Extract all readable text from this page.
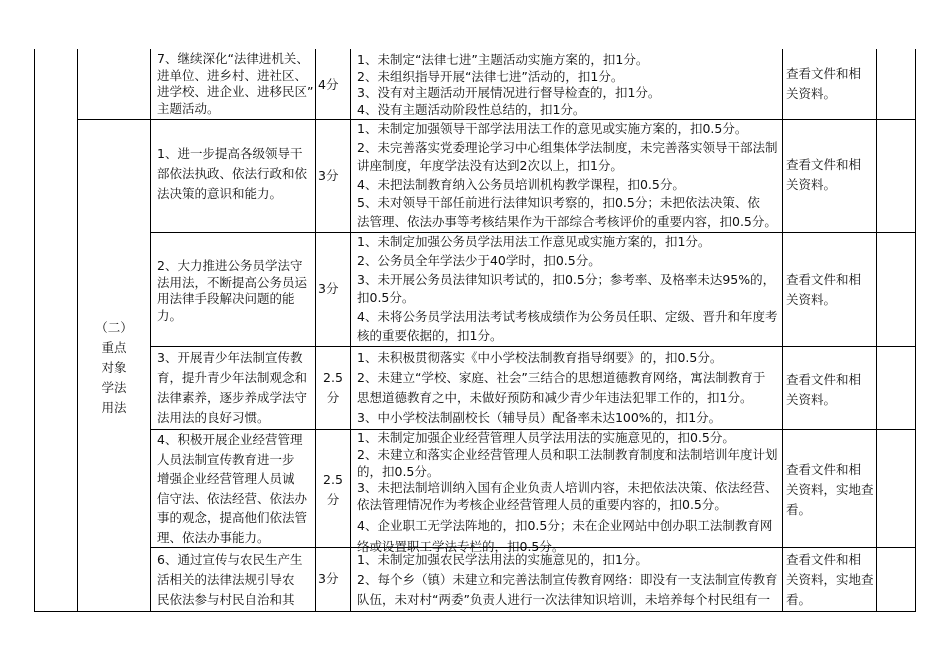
（二）
重点
对象
学法
用法
7、继续深化“法律进机关、
进单位、进乡村、进社区、
进学校、进企业、进移民区”
主题活动。
4分
1、未制定“法律七进”主题活动实施方案的，扣1分。
2、未组织指导开展“法律七进”活动的，扣1分。
3、没有对主题活动开展情况进行督导检查的，扣1分。
4、没有主题活动阶段性总结的，扣1分。
查看文件和相
关资料。
1、进一步提高各级领导干
部依法执政、依法行政和依
法决策的意识和能力。
3分
1、未制定加强领导干部学法用法工作的意见或实施方案的，扣0.5分。
2、未完善落实党委理论学习中心组集体学法制度，未完善落实领导干部法制
讲座制度，年度学法没有达到2次以上，扣1分。
4、未把法制教育纳入公务员培训机构教学课程，扣0.5分。
5、未对领导干部任前进行法律知识考察的，扣0.5分；未把依法决策、依
法管理、依法办事等考核结果作为干部综合考核评价的重要内容，扣0.5分。
查看文件和相
关资料。
2、大力推进公务员学法守
法用法，不断提高公务员运
用法律手段解决问题的能
力。
3分
1、未制定加强公务员学法用法工作意见或实施方案的，扣1分。
2、公务员全年学法少于40学时，扣0.5分。
3、未开展公务员法律知识考试的，扣0.5分；参考率、及格率未达95%的，
扣0.5分。
4、未将公务员学法用法考试考核成绩作为公务员任职、定级、晋升和年度考
核的重要依据的，扣1分。
查看文件和相
关资料。
3、开展青少年法制宣传教
育，提升青少年法制观念和
法律素养，逐步养成学法守
法用法的良好习惯。
2.5
分
1、未积极贯彻落实《中小学校法制教育指导纲要》的，扣0.5分。
2、未建立“学校、家庭、社会”三结合的思想道德教育网络，寓法制教育于
思想道德教育之中，未做好预防和减少青少年违法犯罪工作的，扣1分。
3、中小学校法制副校长（辅导员）配备率未达100%的，扣1分。
查看文件和相
关资料。
4、积极开展企业经营管理
人员法制宣传教育进一步
增强企业经营管理人员诚
信守法、依法经营、依法办
事的观念，提高他们依法管
理、依法办事能力。
2.5
分
1、未制定加强企业经营管理人员学法用法的实施意见的，扣0.5分。
2、未建立和落实企业经营管理人员和职工法制教育制度和法制培训年度计划
的，扣0.5分。
3、未把法制培训纳入国有企业负责人培训内容，未把依法决策、依法经营、
依法管理情况作为考核企业经营管理人员的重要内容的，扣0.5分。
4、企业职工无学法阵地的，扣0.5分；未在企业网站中创办职工法制教育网
络或设置职工学法专栏的，扣0.5分。
查看文件和相
关资料，实地查
看。
6、通过宣传与农民生产生
活相关的法律法规引导农
民依法参与村民自治和其
3分
1、未制定加强农民学法用法的实施意见的，扣1分。
2、每个乡（镇）未建立和完善法制宣传教育网络：即没有一支法制宣传教育
队伍，未对村“两委”负责人进行一次法律知识培训，未培养每个村民组有一
查看文件和相
关资料，实地查
看。
